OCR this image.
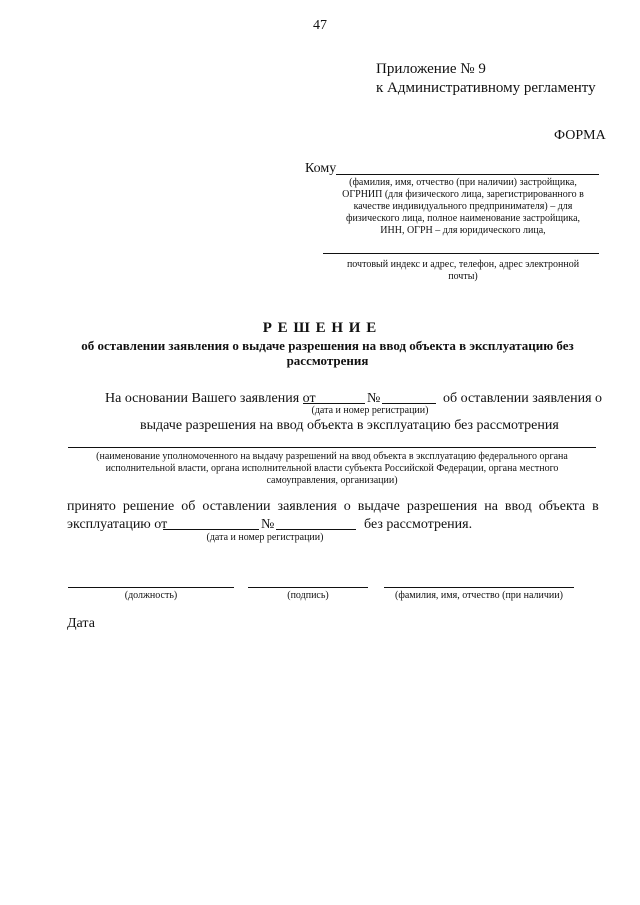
47
Приложение № 9
к Административному регламенту
ФОРМА
Кому
(фамилия, имя, отчество (при наличии) застройщика,
ОГРНИП (для физического лица, зарегистрированного в
качестве индивидуального предпринимателя) – для
физического лица, полное наименование застройщика,
ИНН, ОГРН – для юридического лица,
почтовый индекс и адрес, телефон, адрес электронной
почты)
Р Е Ш Е Н И Е
об оставлении заявления о выдаче разрешения на ввод объекта в эксплуатацию без
рассмотрения
На основании Вашего заявления от	№	об оставлении заявления о
(дата и номер регистрации)
выдаче разрешения на ввод объекта в эксплуатацию без рассмотрения
(наименование уполномоченного на выдачу разрешений на ввод объекта в эксплуатацию федерального органа
исполнительной власти, органа исполнительной власти субъекта Российской Федерации, органа местного
самоуправления, организации)
принято  решение  об  оставлении  заявления  о  выдаче  разрешения  на  ввод  объекта  в
эксплуатацию от	№	без рассмотрения.
(дата и номер регистрации)
(должность)	(подпись)	(фамилия, имя, отчество (при наличии)
Дата
